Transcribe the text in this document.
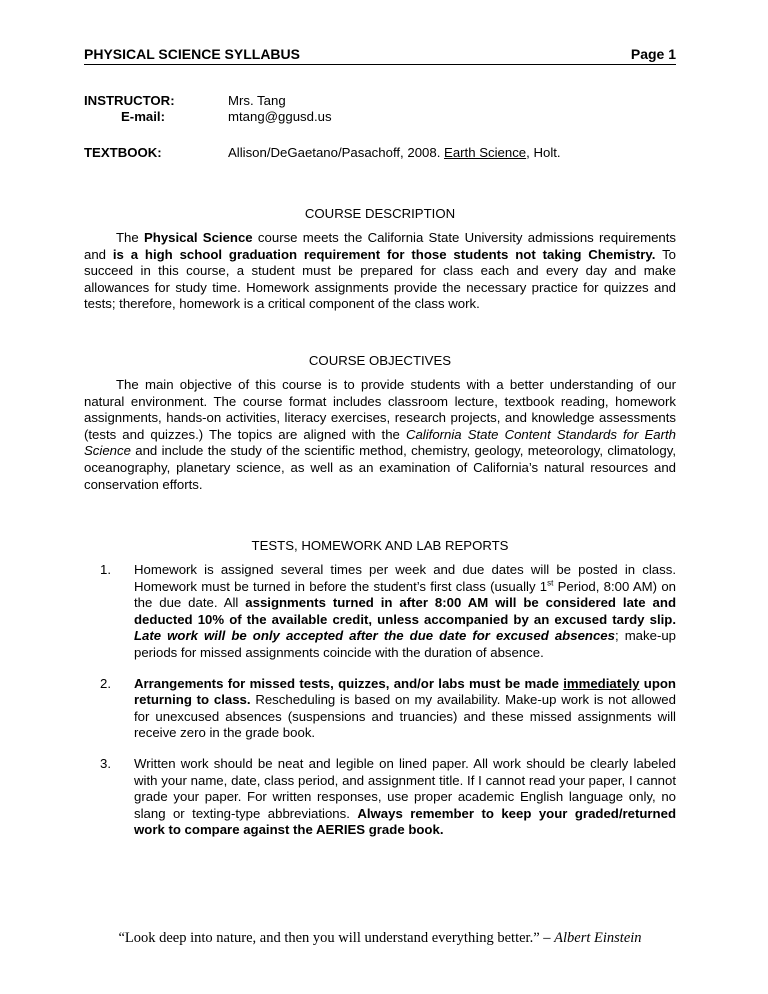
PHYSICAL SCIENCE SYLLABUS	Page 1
INSTRUCTOR:	Mrs. Tang
E-mail:	mtang@ggusd.us
TEXTBOOK:	Allison/DeGaetano/Pasachoff, 2008. Earth Science, Holt.
COURSE DESCRIPTION

The Physical Science course meets the California State University admissions requirements and is a high school graduation requirement for those students not taking Chemistry. To succeed in this course, a student must be prepared for class each and every day and make allowances for study time. Homework assignments provide the necessary practice for quizzes and tests; therefore, homework is a critical component of the class work.

COURSE OBJECTIVES

The main objective of this course is to provide students with a better understanding of our natural environment. The course format includes classroom lecture, textbook reading, homework assignments, hands-on activities, literacy exercises, research projects, and knowledge assessments (tests and quizzes.) The topics are aligned with the California State Content Standards for Earth Science and include the study of the scientific method, chemistry, geology, meteorology, climatology, oceanography, planetary science, as well as an examination of California’s natural resources and conservation efforts.

TESTS, HOMEWORK AND LAB REPORTS
1. Homework is assigned several times per week and due dates will be posted in class. Homework must be turned in before the student’s first class (usually 1st Period, 8:00 AM) on the due date. All assignments turned in after 8:00 AM will be considered late and deducted 10% of the available credit, unless accompanied by an excused tardy slip. Late work will be only accepted after the due date for excused absences; make-up periods for missed assignments coincide with the duration of absence.
2. Arrangements for missed tests, quizzes, and/or labs must be made immediately upon returning to class. Rescheduling is based on my availability. Make-up work is not allowed for unexcused absences (suspensions and truancies) and these missed assignments will receive zero in the grade book.
3. Written work should be neat and legible on lined paper. All work should be clearly labeled with your name, date, class period, and assignment title. If I cannot read your paper, I cannot grade your paper. For written responses, use proper academic English language only, no slang or texting-type abbreviations. Always remember to keep your graded/returned work to compare against the AERIES grade book.
“Look deep into nature, and then you will understand everything better.” – Albert Einstein
